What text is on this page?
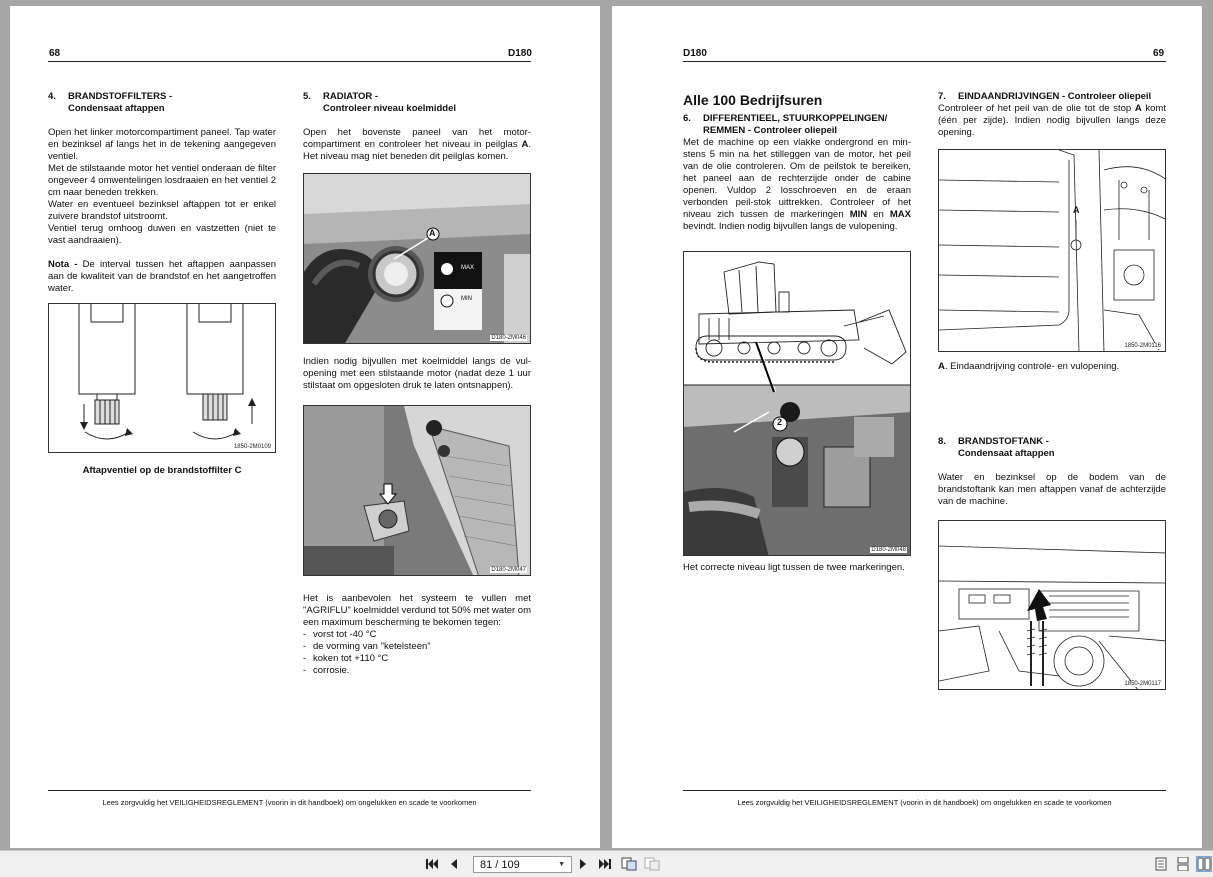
68	D180
4.	BRANDSTOFFILTERS -
Condensaat aftappen

Open het linker motorcompartiment paneel. Tap water en bezinksel af langs het in de tekening aangegeven ventiel.

Met de stilstaande motor het ventiel onderaan de filter ongeveer 4 omwentelingen losdraaien en het ventiel 2 cm naar beneden trekken.

Water en eventueel bezinksel aftappen tot er enkel zuivere brandstof uitstroomt.

Ventiel terug omhoog duwen en vastzetten (niet te vast aandraaien).

Nota - De interval tussen het aftappen aanpassen aan de kwaliteit van de brandstof en het aangetroffen water.

1850-2M0109
Aftapventiel op de brandstoffilter C
5.	RADIATOR -
Controleer niveau koelmiddel

Open het bovenste paneel van het motor-compartiment en controleer het niveau in peilglas A. Het niveau mag niet beneden dit peilglas komen.

A
MAX
MIN
D180-2M046

Indien nodig bijvullen met koelmiddel langs de vul-opening met een stilstaande motor (nadat deze 1 uur stilstaat om opgesloten druk te laten ontsnappen).

D180-2M047

Het is aanbevolen het systeem te vullen met "AGRIFLU" koelmiddel verdund tot 50% met water om een maximum bescherming te bekomen tegen:

- vorst tot -40 °C
- de vorming van "ketelsteen"
- koken tot +110 °C
- corrosie.
Lees zorgvuldig het VEILIGHEIDSREGLEMENT (voorin in dit handboek) om ongelukken en scade te voorkomen
D180	69
Alle 100 Bedrijfsuren
6.	DIFFERENTIEEL, STUURKOPPELINGEN/
REMMEN - Controleer oliepeil

Met de machine op een vlakke ondergrond en min-stens 5 min na het stilleggen van de motor, het peil van de olie controleren. Om de peilstok te bereiken, het paneel aan de rechterzijde onder de cabine openen. Vuldop 2 losschroeven en de eraan verbonden peil-stok uittrekken. Controleer of het niveau zich tussen de markeringen MIN en MAX bevindt. Indien nodig bijvullen langs de vulopening.

2
D180-2M048
Het correcte niveau ligt tussen de twee markeringen.
7.	EINDAANDRIJVINGEN - Controleer oliepeil

Controleer of het peil van de olie tot de stop A komt (één per zijde). Indien nodig bijvullen langs deze opening.

A
1850-2M0116
A. Eindaandrijving controle- en vulopening.
8.	BRANDSTOFTANK -
Condensaat aftappen

Water en bezinksel op de bodem van de brandstoftank kan men aftappen vanaf de achterzijde van de machine.

1850-2M0117
Lees zorgvuldig het VEILIGHEIDSREGLEMENT (voorin in dit handboek) om ongelukken en scade te voorkomen
81 / 109	▼
